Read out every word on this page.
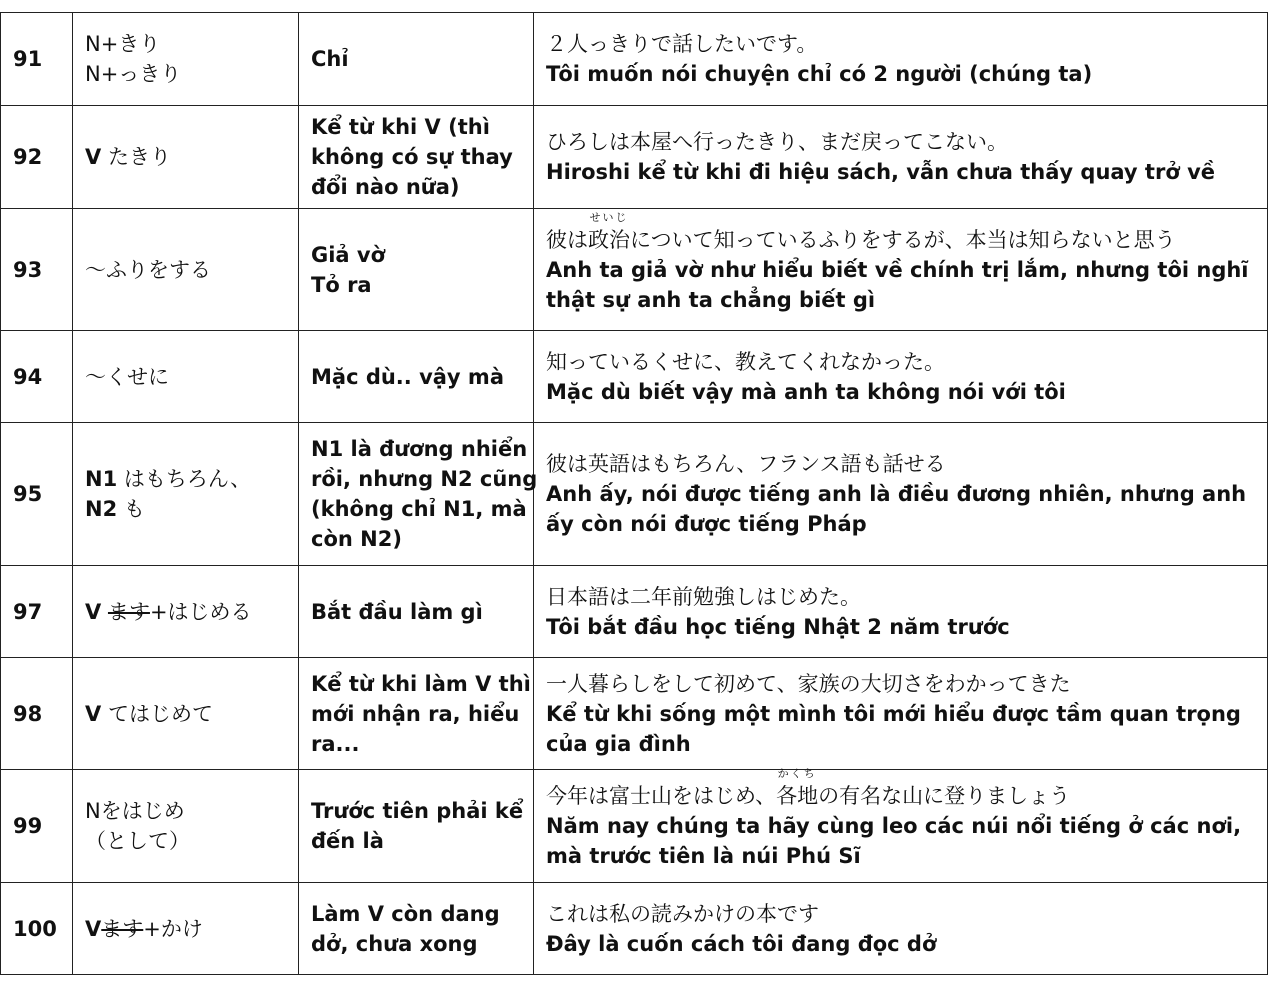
91	N+きり
N+っきり	Chỉ	２人っきりで話したいです。
Tôi muốn nói chuyện chỉ có 2 người (chúng ta)

92	V たきり	Kể từ khi V (thì
không có sự thay
đổi nào nữa)	ひろしは本屋へ行ったきり、まだ戻ってこない。
Hiroshi kể từ khi đi hiệu sách, vẫn chưa thấy quay trở về

93	～ふりをする	Giả vờ
Tỏ ra	彼は
せいじ
政治について知っているふりをするが、本当は知らないと思う
Anh ta giả vờ như hiểu biết về chính trị lắm, nhưng tôi nghĩ thật sự anh ta chẳng biết gì

94	～くせに	Mặc dù.. vậy mà	知っているくせに、教えてくれなかった。
Mặc dù biết vậy mà anh ta không nói với tôi

95	N1 はもちろん、
N2 も	N1 là đương nhiển
rồi, nhưng N2 cũng
(không chỉ N1, mà
còn N2)	彼は英語はもちろん、フランス語も話せる
Anh ấy, nói được tiếng anh là điều đương nhiên, nhưng anh ấy còn nói được tiếng Pháp

97	V ます+はじめる	Bắt đầu làm gì	日本語は二年前勉強しはじめた。
Tôi bắt đầu học tiếng Nhật 2 năm trước

98	V てはじめて	Kể từ khi làm V thì
mới nhận ra, hiểu
ra...	一人暮らしをして初めて、家族の大切さをわかってきた
Kể từ khi sống một mình tôi mới hiểu được tầm quan trọng của gia đình

99	Nをはじめ
（として）	Trước tiên phải kể
đến là	今年は富士山をはじめ、
かくち
各地の有名な山に登りましょう
Năm nay chúng ta hãy cùng leo các núi nổi tiếng ở các nơi, mà trước tiên là núi Phú Sĩ

100	Vます+かけ	Làm V còn dang
dở, chưa xong	これは私の読みかけの本です
Đây là cuốn cách tôi đang đọc dở
